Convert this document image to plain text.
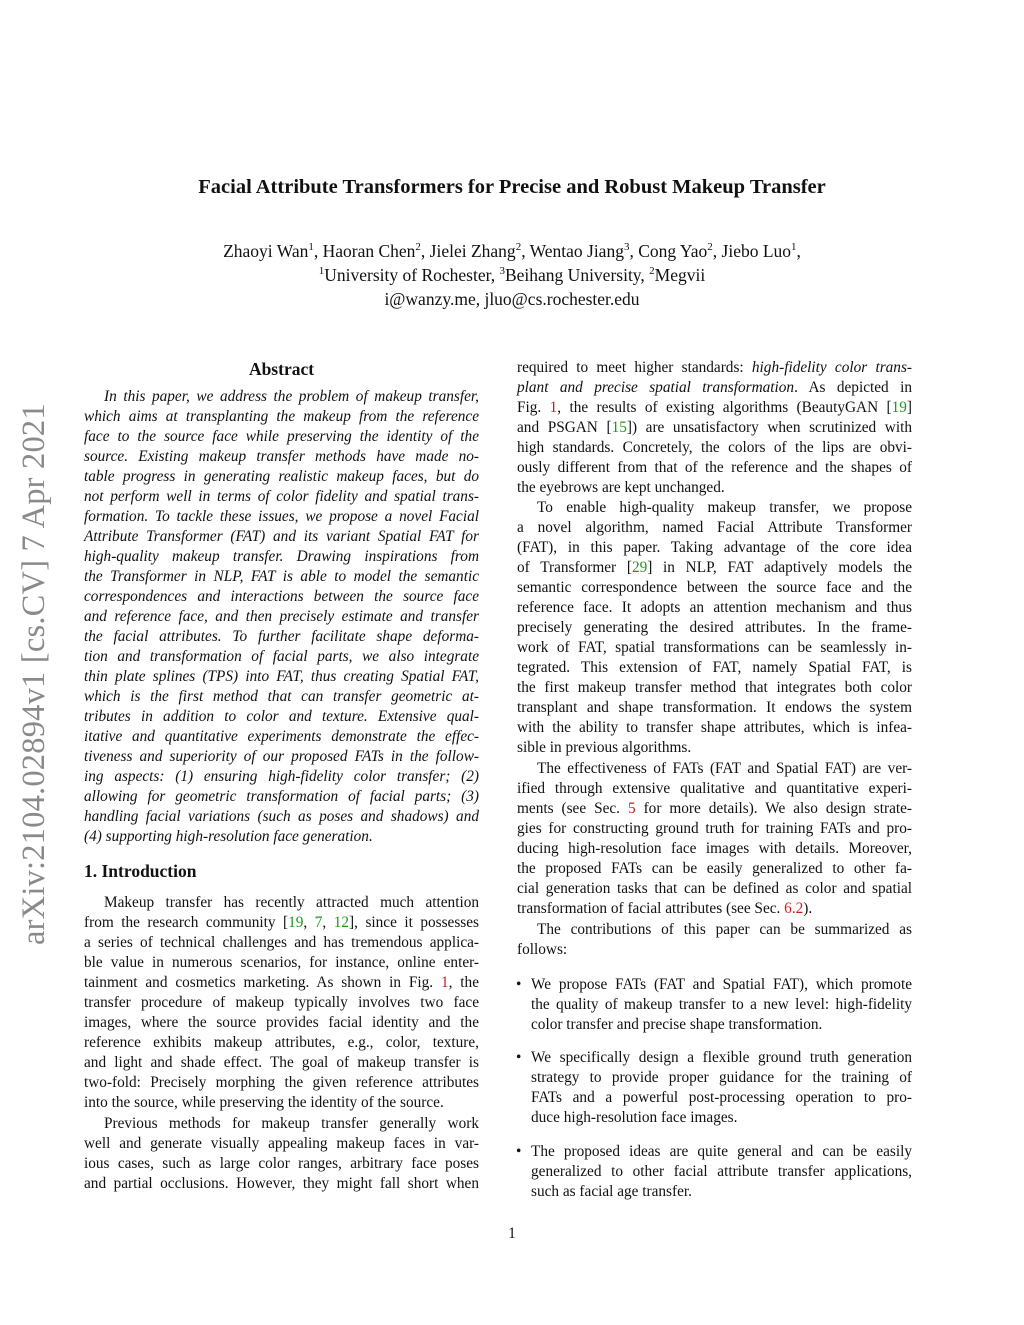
arXiv:2104.02894v1 [cs.CV] 7 Apr 2021
Facial Attribute Transformers for Precise and Robust Makeup Transfer
Zhaoyi Wan$^1$, Haoran Chen$^2$, Jielei Zhang$^2$, Wentao Jiang$^3$, Cong Yao$^2$, Jiebo Luo$^1$,
$^1$University of Rochester, $^3$Beihang University, $^2$Megvii
i@wanzy.me, jluo@cs.rochester.edu
Abstract
In this paper, we address the problem of makeup transfer,
which aims at transplanting the makeup from the reference
face to the source face while preserving the identity of the
source. Existing makeup transfer methods have made no-
table progress in generating realistic makeup faces, but do
not perform well in terms of color fidelity and spatial trans-
formation. To tackle these issues, we propose a novel Facial
Attribute Transformer (FAT) and its variant Spatial FAT for
high-quality makeup transfer. Drawing inspirations from
the Transformer in NLP, FAT is able to model the semantic
correspondences and interactions between the source face
and reference face, and then precisely estimate and transfer
the facial attributes. To further facilitate shape deforma-
tion and transformation of facial parts, we also integrate
thin plate splines (TPS) into FAT, thus creating Spatial FAT,
which is the first method that can transfer geometric at-
tributes in addition to color and texture. Extensive qual-
itative and quantitative experiments demonstrate the effec-
tiveness and superiority of our proposed FATs in the follow-
ing aspects: (1) ensuring high-fidelity color transfer; (2)
allowing for geometric transformation of facial parts; (3)
handling facial variations (such as poses and shadows) and
(4) supporting high-resolution face generation.
1. Introduction
Makeup transfer has recently attracted much attention
from the research community [19, 7, 12], since it possesses
a series of technical challenges and has tremendous applica-
ble value in numerous scenarios, for instance, online enter-
tainment and cosmetics marketing. As shown in Fig. 1, the
transfer procedure of makeup typically involves two face
images, where the source provides facial identity and the
reference exhibits makeup attributes, e.g., color, texture,
and light and shade effect. The goal of makeup transfer is
two-fold: Precisely morphing the given reference attributes
into the source, while preserving the identity of the source.
Previous methods for makeup transfer generally work
well and generate visually appealing makeup faces in var-
ious cases, such as large color ranges, arbitrary face poses
and partial occlusions. However, they might fall short when
required to meet higher standards: high-fidelity color trans-
plant and precise spatial transformation. As depicted in
Fig. 1, the results of existing algorithms (BeautyGAN [19]
and PSGAN [15]) are unsatisfactory when scrutinized with
high standards. Concretely, the colors of the lips are obvi-
ously different from that of the reference and the shapes of
the eyebrows are kept unchanged.
To enable high-quality makeup transfer, we propose
a novel algorithm, named Facial Attribute Transformer
(FAT), in this paper. Taking advantage of the core idea
of Transformer [29] in NLP, FAT adaptively models the
semantic correspondence between the source face and the
reference face. It adopts an attention mechanism and thus
precisely generating the desired attributes. In the frame-
work of FAT, spatial transformations can be seamlessly in-
tegrated. This extension of FAT, namely Spatial FAT, is
the first makeup transfer method that integrates both color
transplant and shape transformation. It endows the system
with the ability to transfer shape attributes, which is infea-
sible in previous algorithms.
The effectiveness of FATs (FAT and Spatial FAT) are ver-
ified through extensive qualitative and quantitative experi-
ments (see Sec. 5 for more details). We also design strate-
gies for constructing ground truth for training FATs and pro-
ducing high-resolution face images with details. Moreover,
the proposed FATs can be easily generalized to other fa-
cial generation tasks that can be defined as color and spatial
transformation of facial attributes (see Sec. 6.2).
The contributions of this paper can be summarized as
follows:
• We propose FATs (FAT and Spatial FAT), which promote
the quality of makeup transfer to a new level: high-fidelity
color transfer and precise shape transformation.
• We specifically design a flexible ground truth generation
strategy to provide proper guidance for the training of
FATs and a powerful post-processing operation to pro-
duce high-resolution face images.
• The proposed ideas are quite general and can be easily
generalized to other facial attribute transfer applications,
such as facial age transfer.
1
